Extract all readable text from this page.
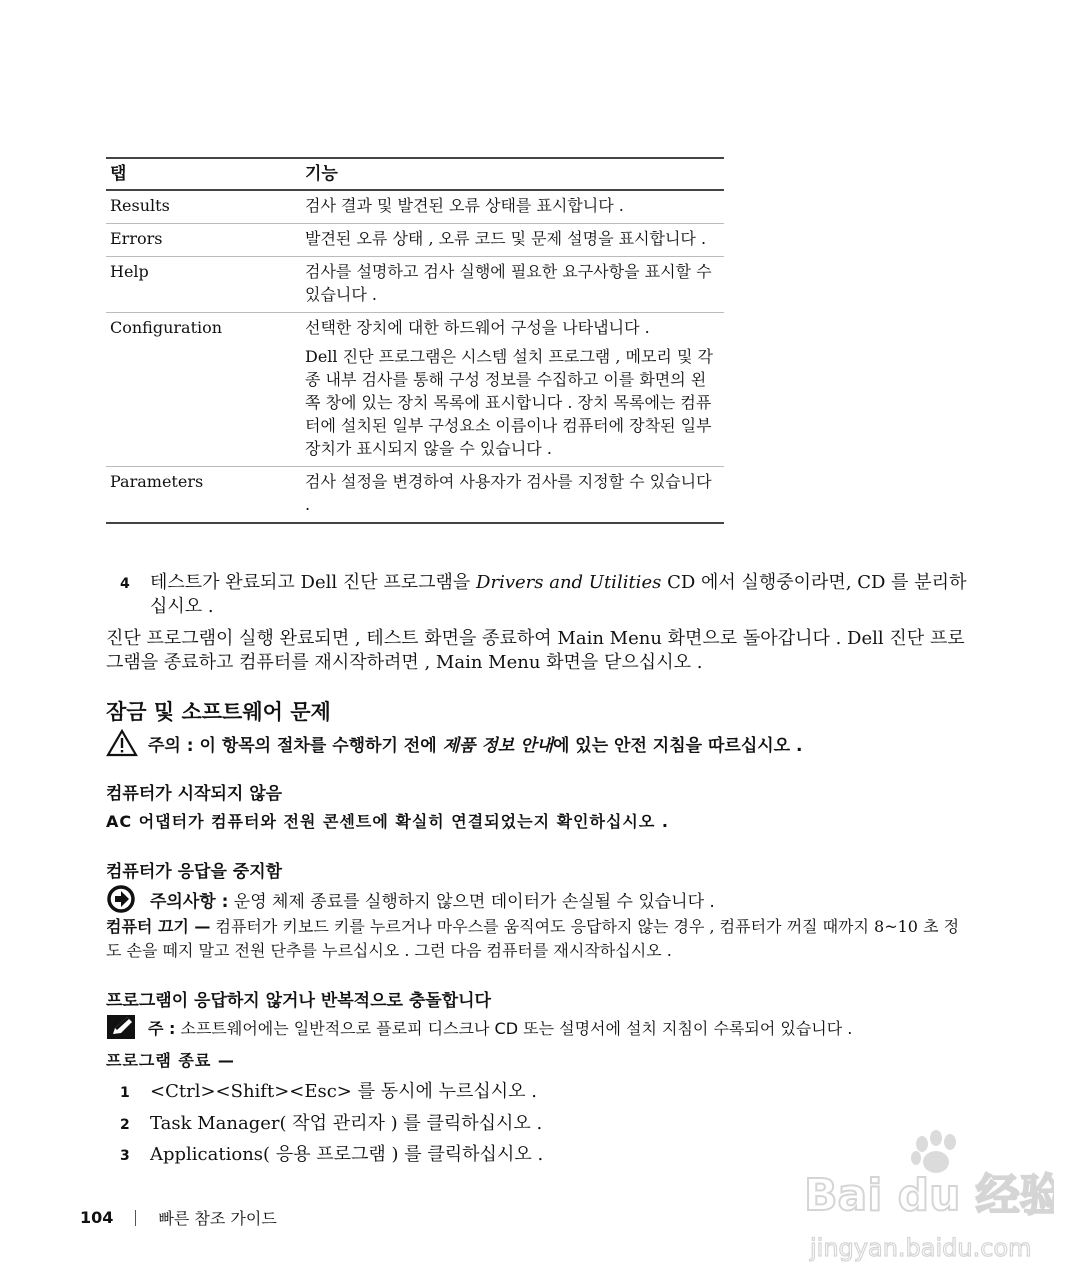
탭	기능
Results	검사 결과 및 발견된 오류 상태를 표시합니다 .
Errors	발견된 오류 상태 , 오류 코드 및 문제 설명을 표시합니다 .
Help	검사를 설명하고 검사 실행에 필요한 요구사항을 표시할 수 있습니다 .
Configuration	선택한 장치에 대한 하드웨어 구성을 나타냅니다 .
	Dell 진단 프로그램은 시스템 설치 프로그램 , 메모리 및 각종 내부 검사를 통해 구성 정보를 수집하고 이를 화면의 왼쪽 창에 있는 장치 목록에 표시합니다 . 장치 목록에는 컴퓨터에 설치된 일부 구성요소 이름이나 컴퓨터에 장착된 일부 장치가 표시되지 않을 수 있습니다 .
Parameters	검사 설정을 변경하여 사용자가 검사를 지정할 수 있습니다 .
4 테스트가 완료되고 Dell 진단 프로그램을 Drivers and Utilities CD 에서 실행중이라면, CD 를 분리하십시오 .
진단 프로그램이 실행 완료되면 , 테스트 화면을 종료하여 Main Menu 화면으로 돌아갑니다 . Dell 진단 프로그램을 종료하고 컴퓨터를 재시작하려면 , Main Menu 화면을 닫으십시오 .
잠금 및 소프트웨어 문제
주의 : 이 항목의 절차를 수행하기 전에 제품 정보 안내에 있는 안전 지침을 따르십시오 .
컴퓨터가 시작되지 않음
AC 어댑터가 컴퓨터와 전원 콘센트에 확실히 연결되었는지 확인하십시오 .
컴퓨터가 응답을 중지함
주의사항 : 운영 체제 종료를 실행하지 않으면 데이터가 손실될 수 있습니다 .
컴퓨터 끄기 — 컴퓨터가 키보드 키를 누르거나 마우스를 움직여도 응답하지 않는 경우 , 컴퓨터가 꺼질 때까지 8~10 초 정도 손을 떼지 말고 전원 단추를 누르십시오 . 그런 다음 컴퓨터를 재시작하십시오 .
프로그램이 응답하지 않거나 반복적으로 충돌합니다
주 : 소프트웨어에는 일반적으로 플로피 디스크나 CD 또는 설명서에 설치 지침이 수록되어 있습니다 .
프로그램 종료 —
1 <Ctrl><Shift><Esc> 를 동시에 누르십시오 .
2 Task Manager( 작업 관리자 ) 를 클릭하십시오 .
3 Applications( 응용 프로그램 ) 를 클릭하십시오 .
104	빠른 참조 가이드	Bai du 经验
jingyan.baidu.com
